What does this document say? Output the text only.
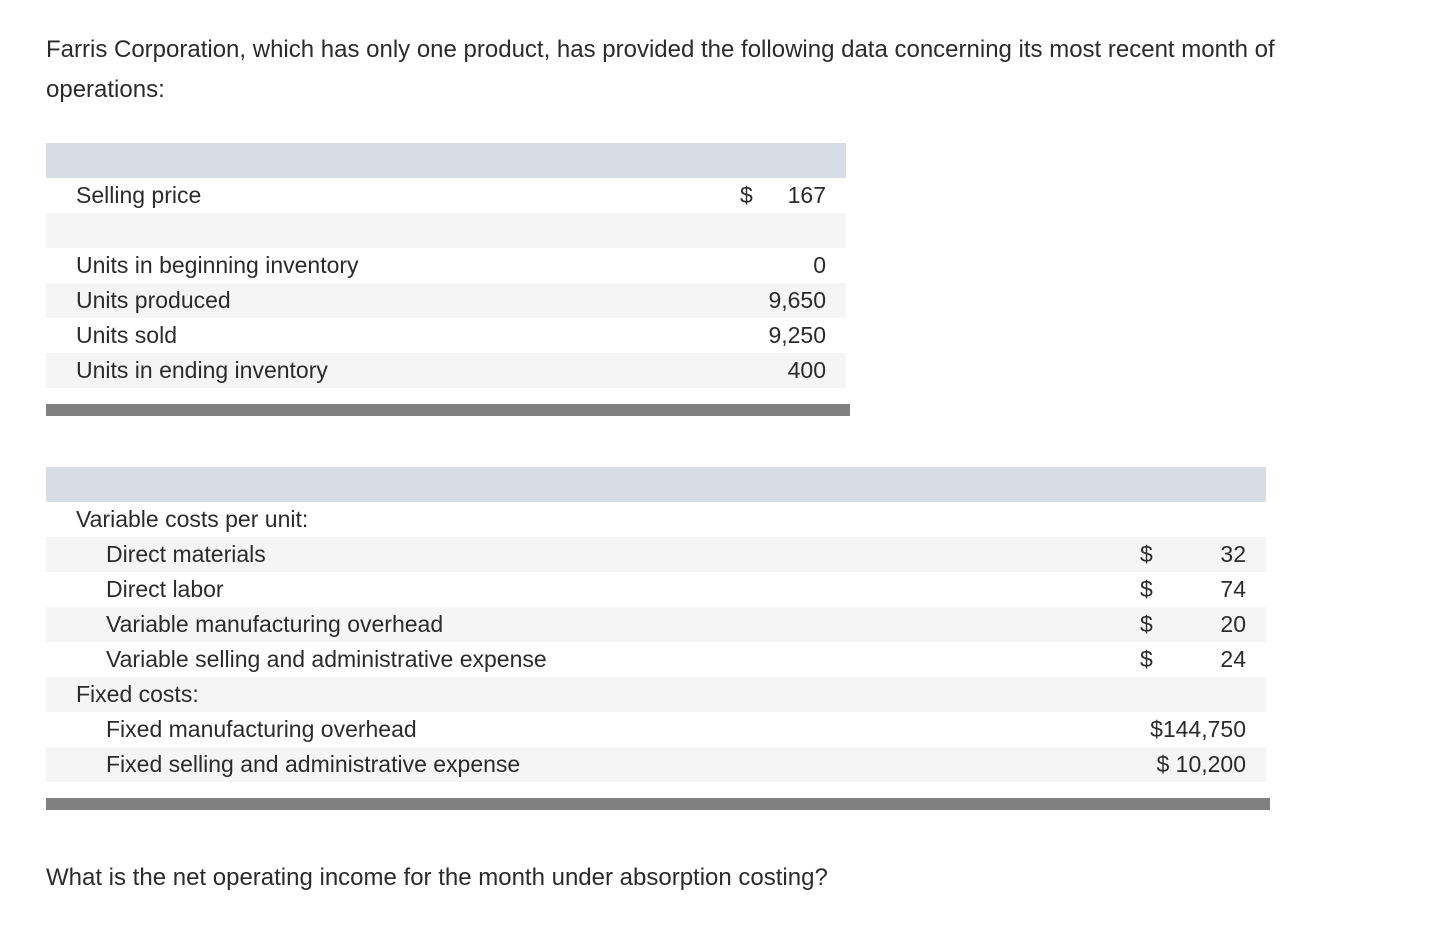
Farris Corporation, which has only one product, has provided the following data concerning its most recent month of operations:

Selling price	$ 167
Units in beginning inventory	0
Units produced	9,650
Units sold	9,250
Units in ending inventory	400
Variable costs per unit:
Direct materials	$	32
Direct labor	$	74
Variable manufacturing overhead	$	20
Variable selling and administrative expense	$	24
Fixed costs:
Fixed manufacturing overhead	$144,750
Fixed selling and administrative expense	$ 10,200

What is the net operating income for the month under absorption costing?
